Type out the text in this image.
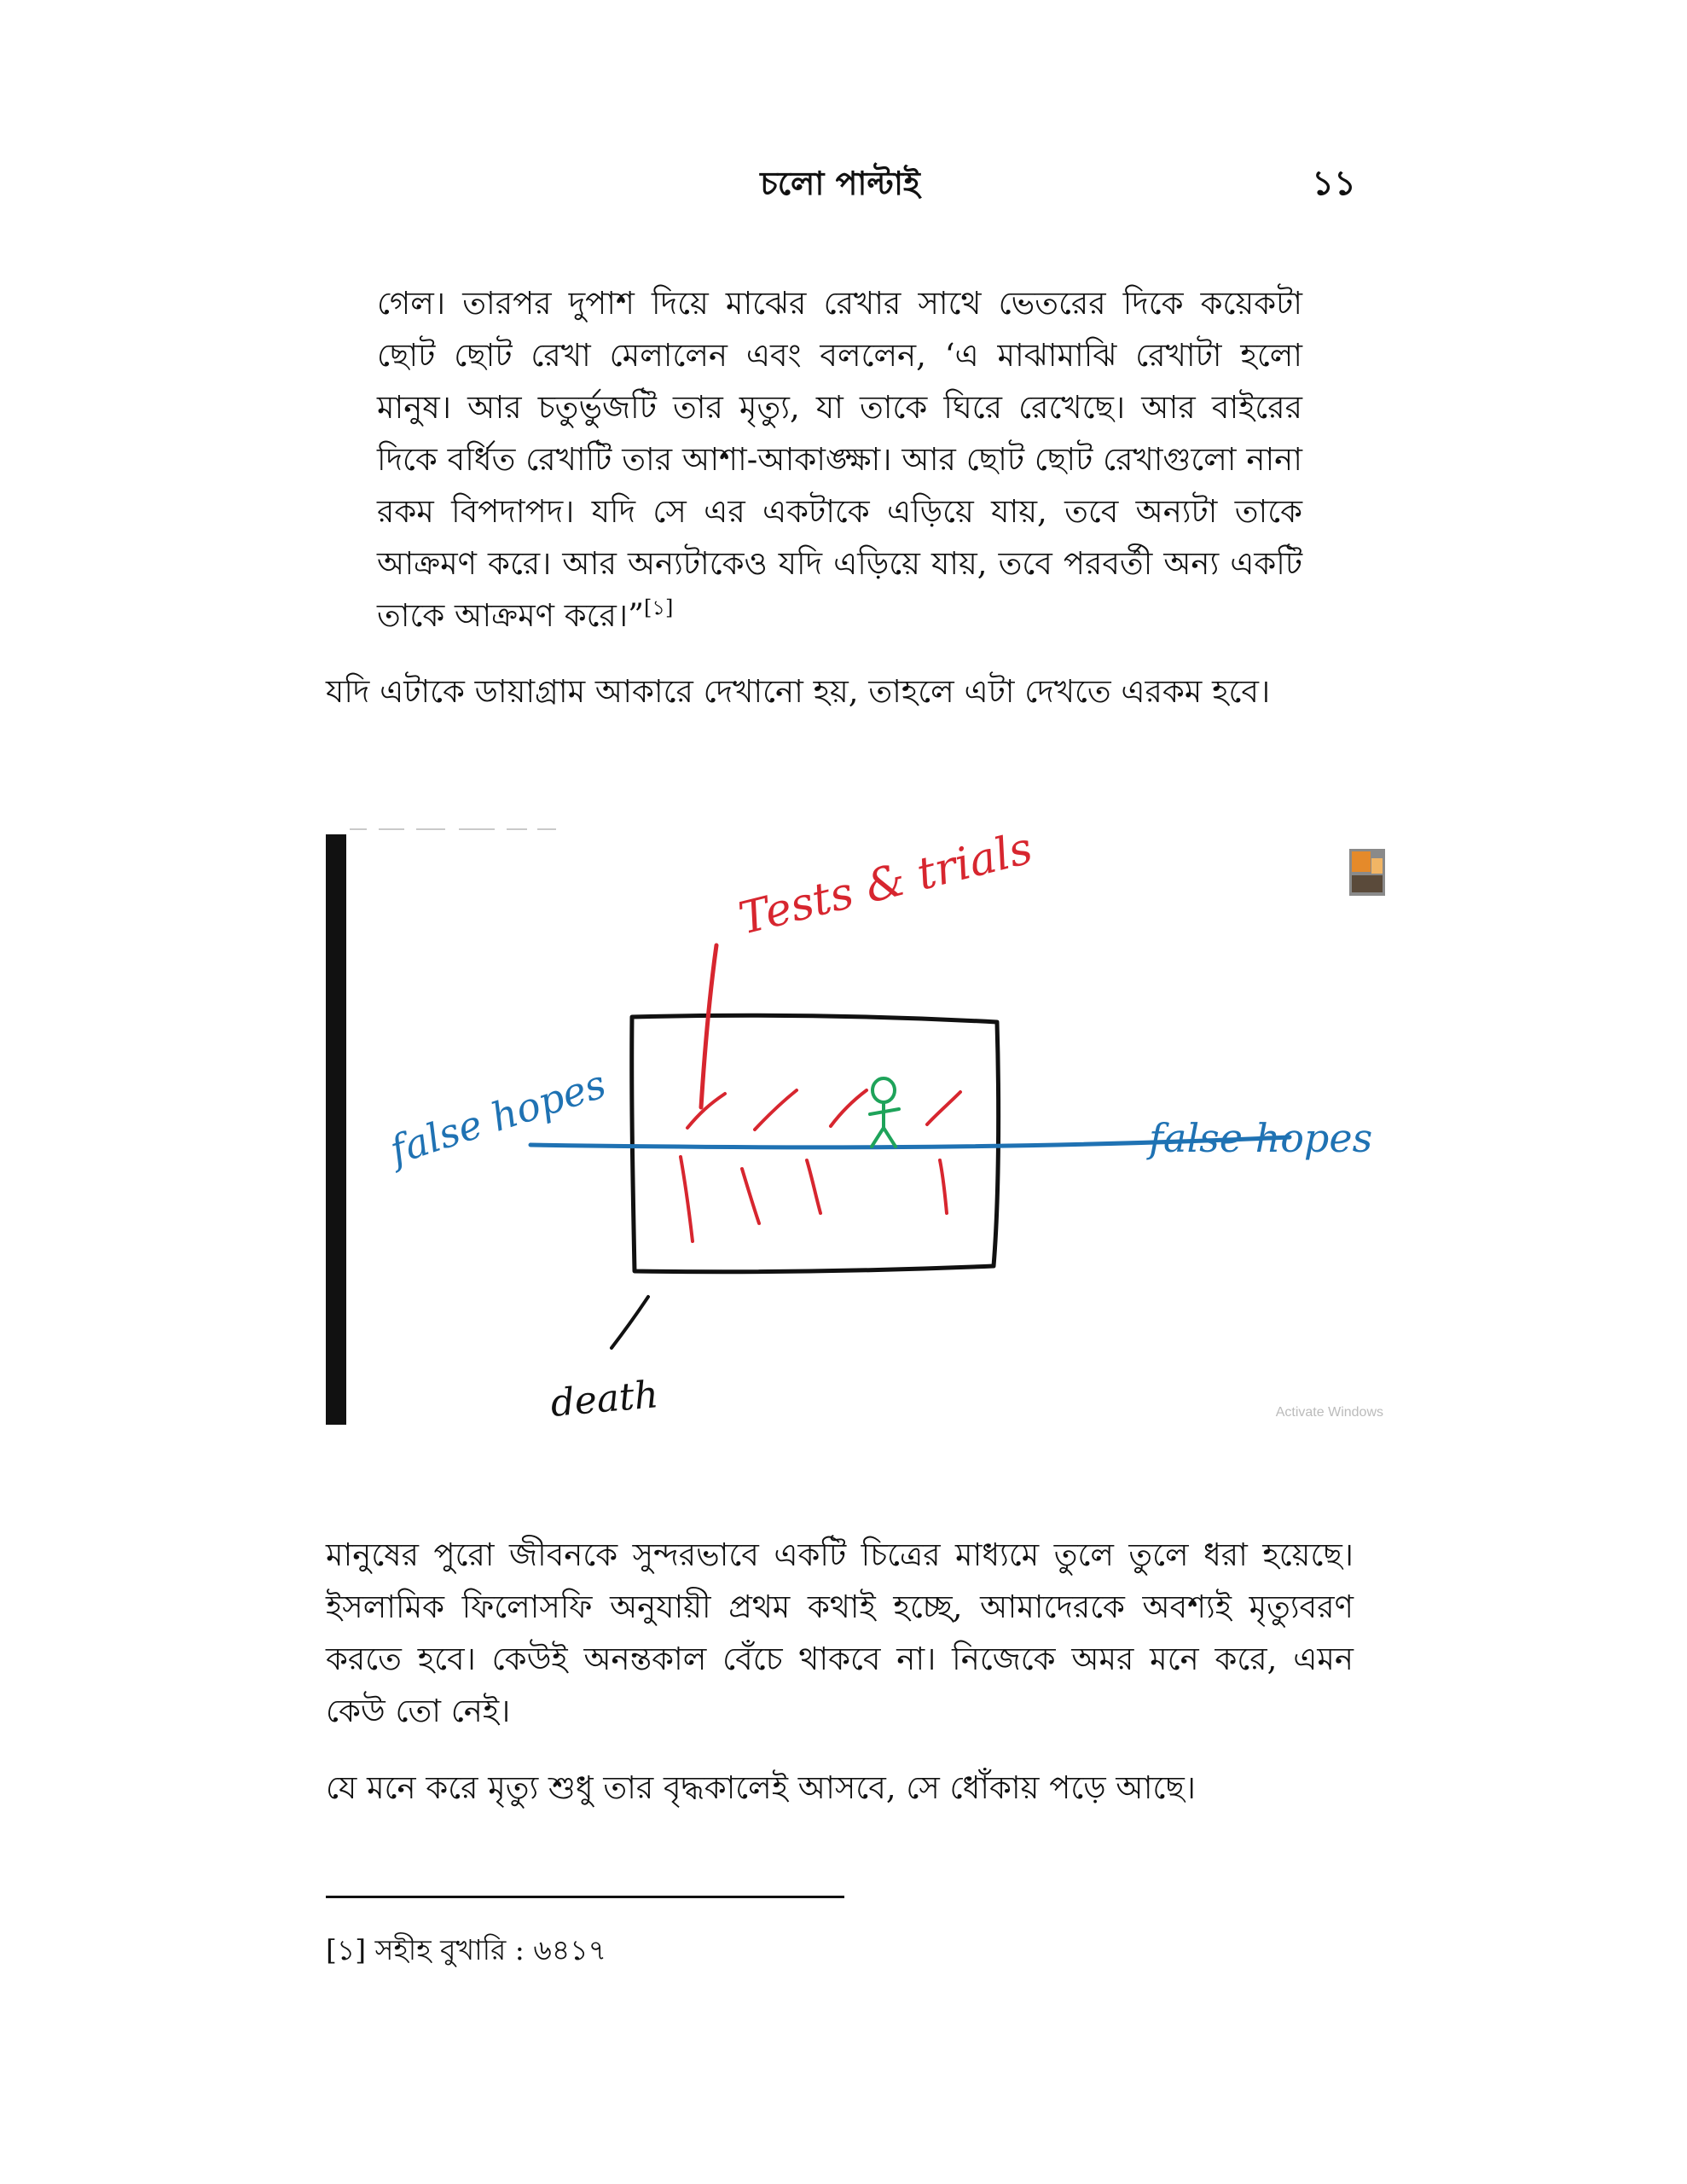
চলো পাল্টাই	১১

গেল। তারপর দুপাশ দিয়ে মাঝের রেখার সাথে ভেতরের দিকে কয়েকটা ছোট ছোট রেখা মেলালেন এবং বললেন, ‘এ মাঝামাঝি রেখাটা হলো মানুষ। আর চতুর্ভুজটি তার মৃত্যু, যা তাকে ঘিরে রেখেছে। আর বাইরের দিকে বর্ধিত রেখাটি তার আশা-আকাঙ্ক্ষা। আর ছোট ছোট রেখাগুলো নানা রকম বিপদাপদ। যদি সে এর একটাকে এড়িয়ে যায়, তবে অন্যটা তাকে আক্রমণ করে। আর অন্যটাকেও যদি এড়িয়ে যায়, তবে পরবর্তী অন্য একটি তাকে আক্রমণ করে।”[১]

যদি এটাকে ডায়াগ্রাম আকারে দেখানো হয়, তাহলে এটা দেখতে এরকম হবে।

Tests & trials
false hopes	false hopes
death	Activate Windows

মানুষের পুরো জীবনকে সুন্দরভাবে একটি চিত্রের মাধ্যমে তুলে তুলে ধরা হয়েছে। ইসলামিক ফিলোসফি অনুযায়ী প্রথম কথাই হচ্ছে, আমাদেরকে অবশ্যই মৃত্যুবরণ করতে হবে। কেউই অনন্তকাল বেঁচে থাকবে না। নিজেকে অমর মনে করে, এমন কেউ তো নেই।

যে মনে করে মৃত্যু শুধু তার বৃদ্ধকালেই আসবে, সে ধোঁকায় পড়ে আছে।

[১] সহীহ বুখারি : ৬৪১৭
